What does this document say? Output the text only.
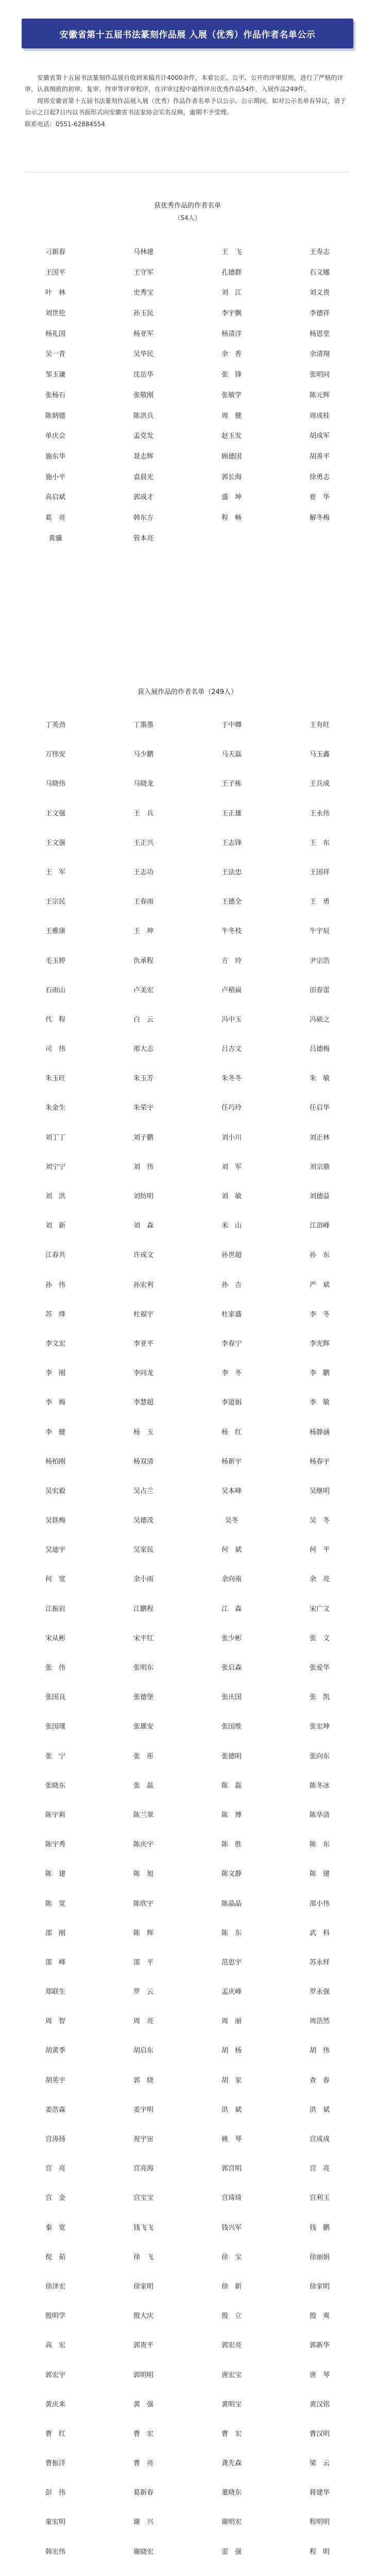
安徽省第十五届书法篆刻作品展 入展（优秀）作品作者名单公示

安徽省第十五届书法篆刻作品展自收到来稿共计4000余件，本着公正、公平、公开的评审原则，进行了严格的评审，认真细致的初审、复审、终审等评审程序，在评审过程中最终评出优秀作品54件，入展作品249件。

现将安徽省第十五届书法篆刻作品展入展（优秀）作品作者名单予以公示。公示期间，如对公示名单有异议，请于公示之日起7日内以书面形式向安徽省书法家协会实名反映，逾期不予受理。

联系电话：0551-62884554

获优秀作品的作者名单
（54人）
刁新春	马林建	王　飞	王寿志
王国平	王守军	孔德群	石文娜
叶　林	史秀宝	刘　江	刘义贵
刘世伦	孙玉民	李宇飘	李德祥
杨礼国	杨亚军	杨清洋	杨恩堂
吴一青	吴华民	余　香	余清翔
邹玉谦	沈岳华	张　锋	张明同
张杨石	张敬刚	张敏学	陈元辉
陈炳德	陈洪兵	周　健	周成桂
单庆会	孟党发	赵玉发	胡成军
施东华	聂志辉	顾德国	胡善平
施小平	袁晨光	郭长海	徐勇志
高启斌	郭成才	盛　坤	崔　华
葛　亮	韩东方	程　畅	解冬梅
黄骥	管本亮
获入展作品的作者名单（249人）
丁英劲	丁墨墨	于中卿	王有旺
万伟安	马少鹏	马天磊	马玉鑫
马晓伟	马晓龙	王子栋	王兵成
王文强	王　兵	王正雄	王永伟
王文强	王正兴	王志锋	王　东
王　军	王志功	王法忠	王国祥
王宗民	王春雨	王德全	王　勇
王雅康	王　坤	牛冬枝	牛宇辰
毛玉婷	仇承程	方　玲	尹宗浩
石雨山	卢美宏	卢稍扁	田春雷
代　程	白　云	冯中玉	冯硕之
司　伟	邢大志	吕吉文	吕德梅
朱玉旺	朱玉芳	朱冬冬	朱　敏
朱金生	朱荣宇	任巧玲	任启华
刘丁丁	刘子鹏	刘小川	刘正林
刘宁宁	刘　伟	刘　军	刘宗鼎
刘　洪	刘纺明	刘　敏	刘德益
刘　新	刘　森	米　山	江浴峰
江春共	许成文	孙世超	孙　东
孙　伟	孙宏利	孙　吉	严　斌
苏　烽	杜福宇	杜家盛	李　冬
李文宏	李亚平	李春宁	李光辉
李　刚	李同龙	李　冬	李　鹏
李　梅	李慧超	李道娟	李　敏
李　健	杨　玉	杨　红	杨静涵
杨柏刚	杨双清	杨新宇	杨春宇
吴宏毅	吴占兰	吴本峰	吴继明
吴铁梅	吴德茂	吴冬	吴　冬
吴迪宇	吴家民	何　斌	何　平
何　宽	余小雨	余向南	余　亮
江振岩	江鹏程	江　森	宋广文
宋从彬	宋平红	张少彬	张　文
张　伟	张明东	张启森	张爱华
张国良	张德堡	张庆国	张　凯
张国瑾	张雄安	张国维	张宏坤
张　宁	张　彤	张德明	张向东
张晓东	张　磊	陈　磊	陈冬冰
陈宇莉	陈兰翠	陈　博	陈华清
陈宇秀	陈庆宇	陈　胜	陈　东
陈　建	陈　旭	陈文静	陈　建
陈　宽	陈欣宇	陈晶晶	邵小伟
邵　刚	陈　辉	陈　东	武　科
邵　峰	邵　平	范思宇	苏永样
郑联生	罗　云	孟庆峰	罗永强
周　智	周　亮	周　丽	周浩然
胡黄季	胡启东	胡　杨	胡　伟
胡英宇	郭　晓	胡　家	查　春
姜浩森	姜宇明	洪　斌	洪　斌
宫涛扬	祝宇宙	姚　琴	宫成成
宫　亮	宫亮海	郭宫明	宫　亮
宫　金	宫宝宝	宫琦琦	宫利玉
秦　宽	钱飞飞	钱兴军	钱　鹏
倪　茹	徐　飞	徐　宝	徐丽娟
徐泽宏	徐家明	徐　新	徐家明
殷明学	殷大庆	殷　立	殷　爽
高　宏	郭贵平	郭宏亮	郭新华
郭宏宇	郭明明	唐宏宝	唐　琴
黄庆来	黄　强	黄明宝	黄汉铭
曹　红	曹　宏	曹　宏	曹汉明
曹振洋	曹　亮	龚先森	梁　云
彭　伟	葛新春	董晓东	蒋建华
童宏明	谢　兴	谢明宏	程明明
韩宏伟	谢晓宏	雷　强	程　明
